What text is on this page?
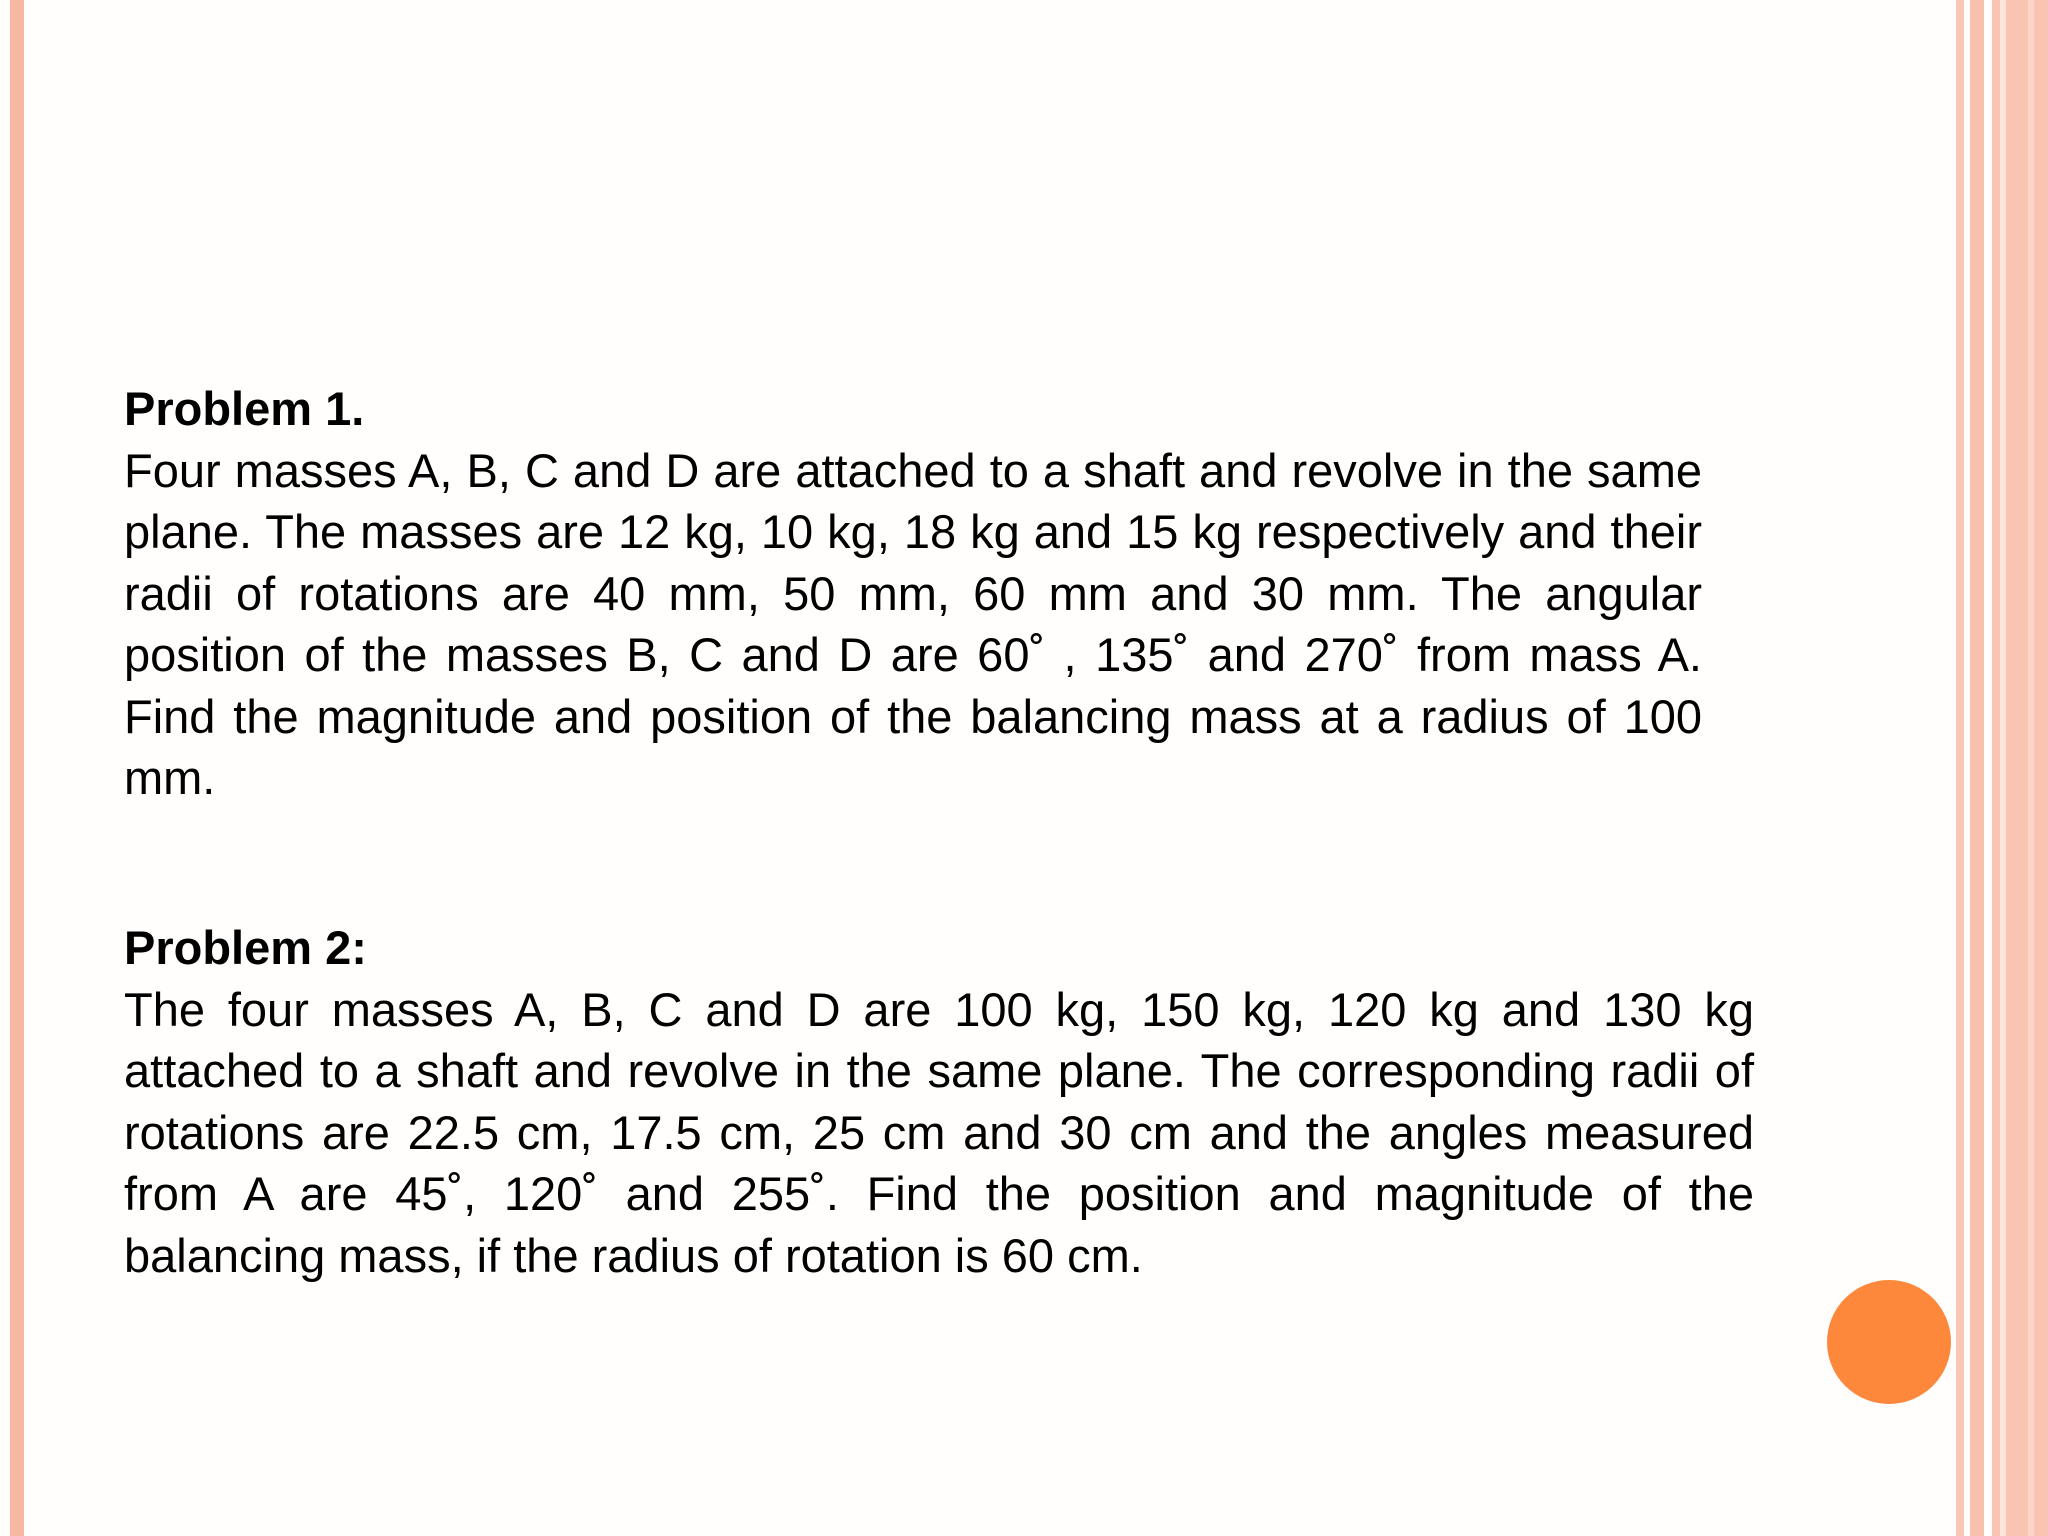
Problem 1.
Four masses A, B, C and D are attached to a shaft and revolve in the same plane. The masses are 12 kg, 10 kg, 18 kg and 15 kg respectively and their radii of rotations are 40 mm, 50 mm, 60 mm and 30 mm. The angular position of the masses B, C and D are 60˚ , 135˚ and 270˚ from mass A. Find the magnitude and position of the balancing mass at a radius of 100 mm.
Problem 2:
The four masses A, B, C and D are 100 kg, 150 kg, 120 kg and 130 kg attached to a shaft and revolve in the same plane. The corresponding radii of rotations are 22.5 cm, 17.5 cm, 25 cm and 30 cm and the angles measured from A are 45˚, 120˚ and 255˚. Find the position and magnitude of the balancing mass, if the radius of rotation is 60 cm.
